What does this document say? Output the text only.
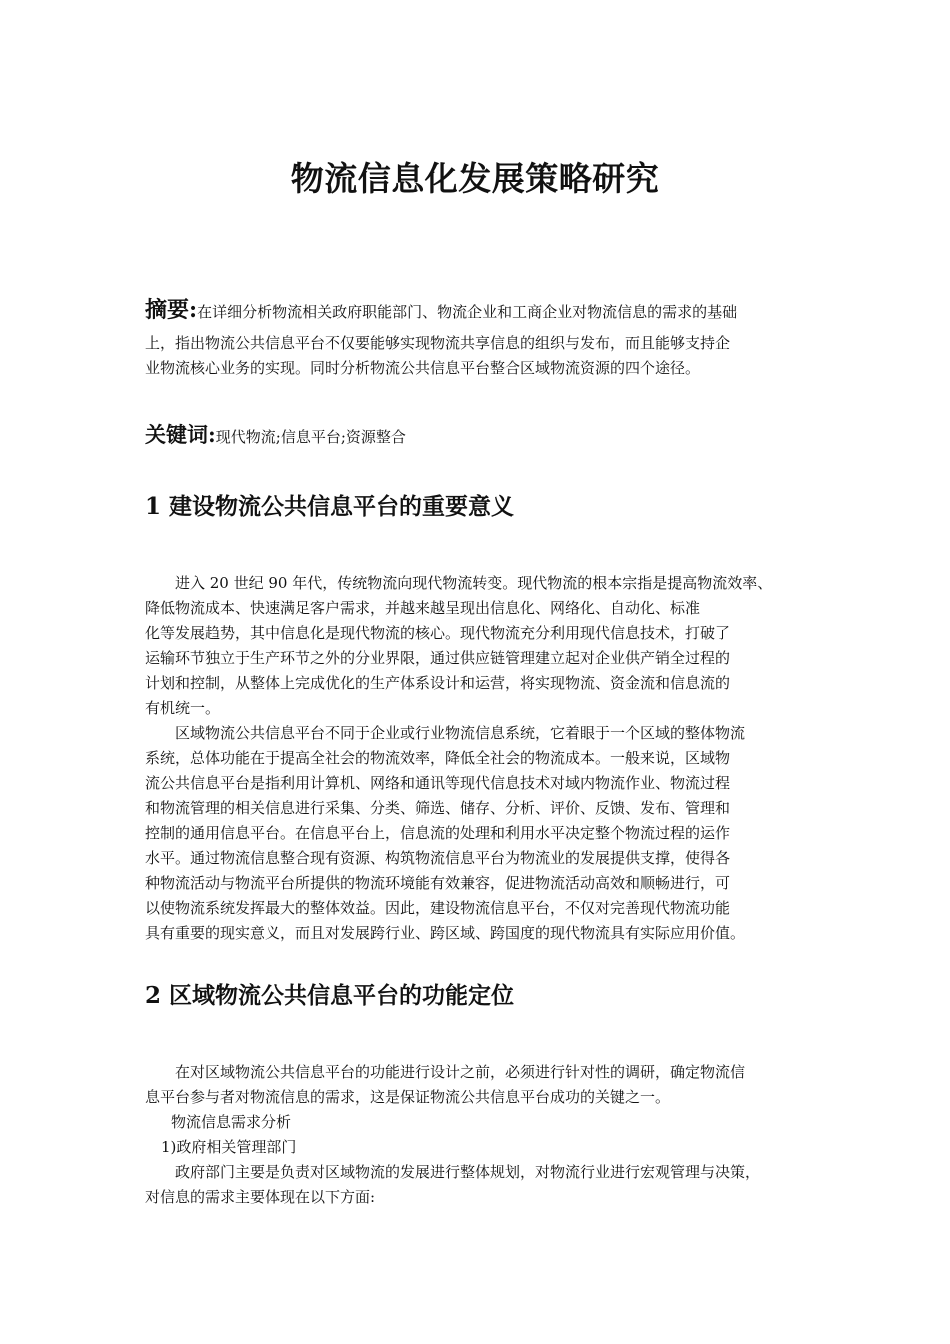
物流信息化发展策略研究
摘要:在详细分析物流相关政府职能部门、物流企业和工商企业对物流信息的需求的基础
上，指出物流公共信息平台不仅要能够实现物流共享信息的组织与发布，而且能够支持企
业物流核心业务的实现。同时分析物流公共信息平台整合区域物流资源的四个途径。
关键词:现代物流;信息平台;资源整合
1 建设物流公共信息平台的重要意义
进入 20 世纪 90 年代，传统物流向现代物流转变。现代物流的根本宗指是提高物流效率、
降低物流成本、快速满足客户需求，并越来越呈现出信息化、网络化、自动化、标准
化等发展趋势，其中信息化是现代物流的核心。现代物流充分利用现代信息技术，打破了
运输环节独立于生产环节之外的分业界限，通过供应链管理建立起对企业供产销全过程的
计划和控制，从整体上完成优化的生产体系设计和运营，将实现物流、资金流和信息流的
有机统一。
区域物流公共信息平台不同于企业或行业物流信息系统，它着眼于一个区域的整体物流
系统，总体功能在于提高全社会的物流效率，降低全社会的物流成本。一般来说，区域物
流公共信息平台是指利用计算机、网络和通讯等现代信息技术对域内物流作业、物流过程
和物流管理的相关信息进行采集、分类、筛选、储存、分析、评价、反馈、发布、管理和
控制的通用信息平台。在信息平台上，信息流的处理和利用水平决定整个物流过程的运作
水平。通过物流信息整合现有资源、构筑物流信息平台为物流业的发展提供支撑，使得各
种物流活动与物流平台所提供的物流环境能有效兼容，促进物流活动高效和顺畅进行，可
以使物流系统发挥最大的整体效益。因此，建设物流信息平台，不仅对完善现代物流功能
具有重要的现实意义，而且对发展跨行业、跨区域、跨国度的现代物流具有实际应用价值。
2 区域物流公共信息平台的功能定位
在对区域物流公共信息平台的功能进行设计之前，必须进行针对性的调研，确定物流信
息平台参与者对物流信息的需求，这是保证物流公共信息平台成功的关键之一。
物流信息需求分析
1)政府相关管理部门
政府部门主要是负责对区域物流的发展进行整体规划，对物流行业进行宏观管理与决策，
对信息的需求主要体现在以下方面:
